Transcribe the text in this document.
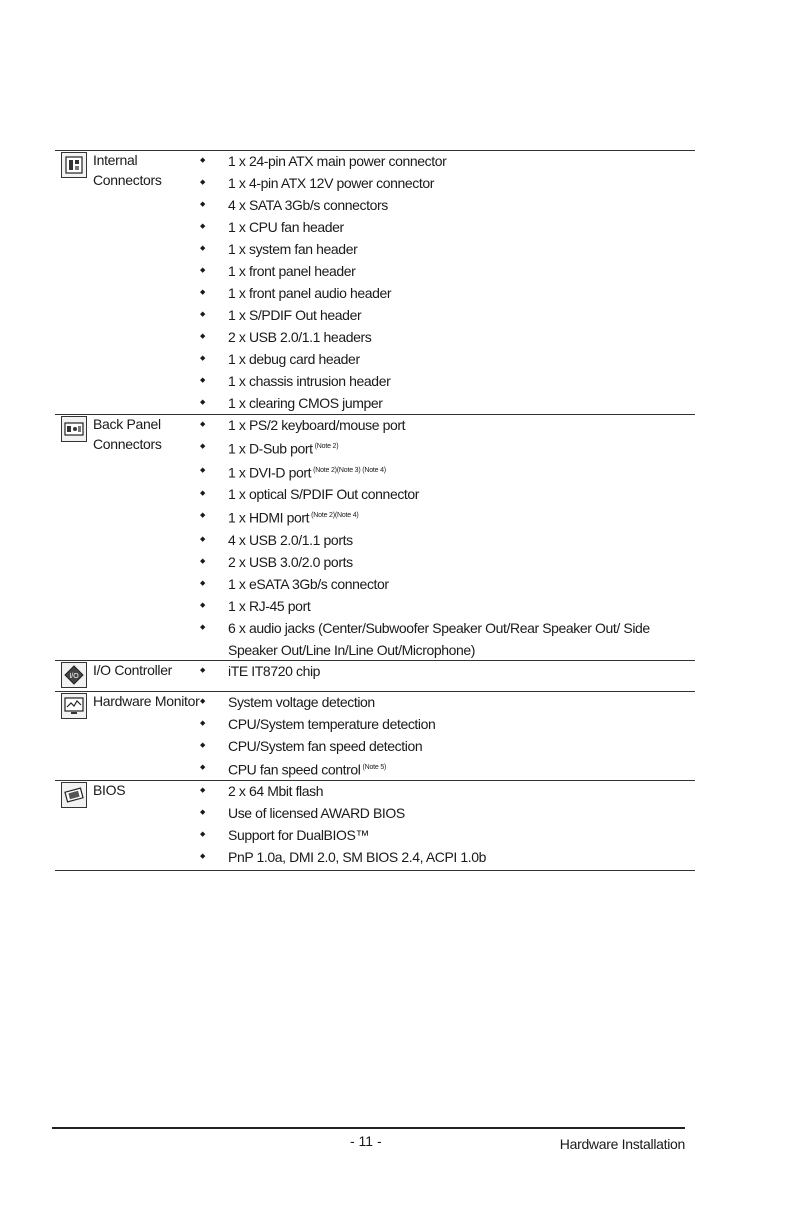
Internal
Connectors
◆ 1 x 24-pin ATX main power connector
◆ 1 x 4-pin ATX 12V power connector
◆ 4 x SATA 3Gb/s connectors
◆ 1 x CPU fan header
◆ 1 x system fan header
◆ 1 x front panel header
◆ 1 x front panel audio header
◆ 1 x S/PDIF Out header
◆ 2 x USB 2.0/1.1 headers
◆ 1 x debug card header
◆ 1 x chassis intrusion header
◆ 1 x clearing CMOS jumper
Back Panel
Connectors
◆ 1 x PS/2 keyboard/mouse port
◆ 1 x D-Sub port $^{(Note 2)}$
◆ 1 x DVI-D port $^{(Note 2)(Note 3) (Note 4)}$
◆ 1 x optical S/PDIF Out connector
◆ 1 x HDMI port $^{(Note 2)(Note 4)}$
◆ 4 x USB 2.0/1.1 ports
◆ 2 x USB 3.0/2.0 ports
◆ 1 x eSATA 3Gb/s connector
◆ 1 x RJ-45 port
◆ 6 x audio jacks (Center/Subwoofer Speaker Out/Rear Speaker Out/ Side Speaker Out/Line In/Line Out/Microphone)
I/O I/O Controller	◆ iTE IT8720 chip
Hardware Monitor	◆ System voltage detection
◆ CPU/System temperature detection
◆ CPU/System fan speed detection
◆ CPU fan speed control $^{(Note 5)}$
BIOS	◆ 2 x 64 Mbit flash
◆ Use of licensed AWARD BIOS
◆ Support for DualBIOS™
◆ PnP 1.0a, DMI 2.0, SM BIOS 2.4, ACPI 1.0b
- 11 -	Hardware Installation
